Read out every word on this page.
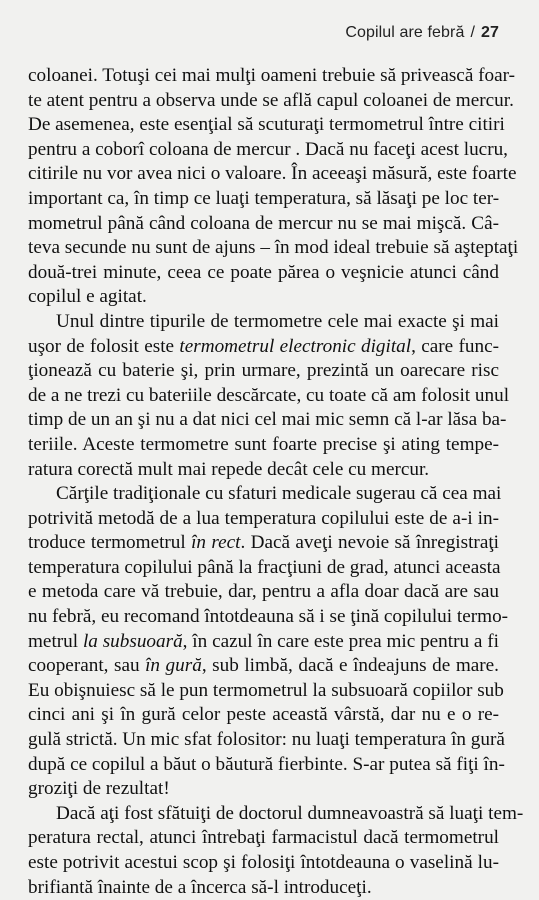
Copilul are febră / 27

coloanei. Totuşi cei mai mulţi oameni trebuie să privească foar-
te atent pentru a observa unde se află capul coloanei de mercur.
De asemenea, este esenţial să scuturaţi termometrul între citiri
pentru a coborî coloana de mercur . Dacă nu faceţi acest lucru,
citirile nu vor avea nici o valoare. În aceeaşi măsură, este foarte
important ca, în timp ce luaţi temperatura, să lăsaţi pe loc ter-
mometrul până când coloana de mercur nu se mai mişcă. Câ-
teva secunde nu sunt de ajuns – în mod ideal trebuie să aşteptaţi
două-trei minute, ceea ce poate părea o veşnicie atunci când
copilul e agitat.

Unul dintre tipurile de termometre cele mai exacte şi mai
uşor de folosit este termometrul electronic digital, care func-
ţionează cu baterie şi, prin urmare, prezintă un oarecare risc
de a ne trezi cu bateriile descărcate, cu toate că am folosit unul
timp de un an şi nu a dat nici cel mai mic semn că l-ar lăsa ba-
teriile. Aceste termometre sunt foarte precise şi ating tempe-
ratura corectă mult mai repede decât cele cu mercur.

Cărţile tradiţionale cu sfaturi medicale sugerau că cea mai
potrivită metodă de a lua temperatura copilului este de a-i in-
troduce termometrul în rect. Dacă aveţi nevoie să înregistraţi
temperatura copilului până la fracţiuni de grad, atunci aceasta
e metoda care vă trebuie, dar, pentru a afla doar dacă are sau
nu febră, eu recomand întotdeauna să i se ţină copilului termo-
metrul la subsuoară, în cazul în care este prea mic pentru a fi
cooperant, sau în gură, sub limbă, dacă e îndeajuns de mare.
Eu obişnuiesc să le pun termometrul la subsuoară copiilor sub
cinci ani şi în gură celor peste această vârstă, dar nu e o re-
gulă strictă. Un mic sfat folositor: nu luaţi temperatura în gură
după ce copilul a băut o băutură fierbinte. S-ar putea să fiţi în-
groziţi de rezultat!

Dacă aţi fost sfătuiţi de doctorul dumneavoastră să luaţi tem-
peratura rectal, atunci întrebaţi farmacistul dacă termometrul
este potrivit acestui scop şi folosiţi întotdeauna o vaselină lu-
brifiantă înainte de a încerca să-l introduceţi.
